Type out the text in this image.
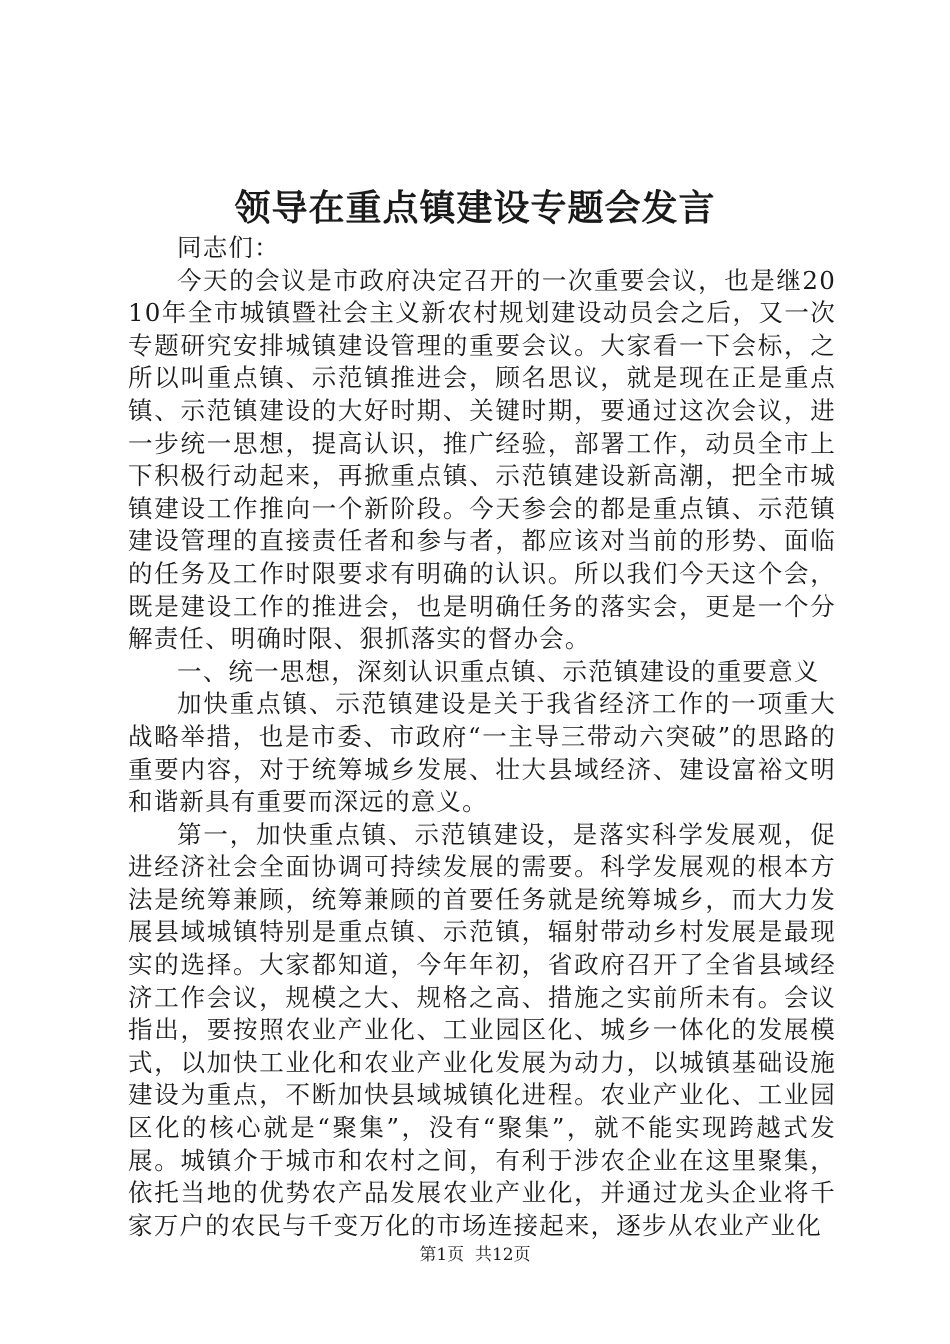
领导在重点镇建设专题会发言

同志们：

今天的会议是市政府决定召开的一次重要会议，也是继2010年全市城镇暨社会主义新农村规划建设动员会之后，又一次专题研究安排城镇建设管理的重要会议。大家看一下会标，之所以叫重点镇、示范镇推进会，顾名思议，就是现在正是重点镇、示范镇建设的大好时期、关键时期，要通过这次会议，进一步统一思想，提高认识，推广经验，部署工作，动员全市上下积极行动起来，再掀重点镇、示范镇建设新高潮，把全市城镇建设工作推向一个新阶段。今天参会的都是重点镇、示范镇建设管理的直接责任者和参与者，都应该对当前的形势、面临的任务及工作时限要求有明确的认识。所以我们今天这个会，既是建设工作的推进会，也是明确任务的落实会，更是一个分解责任、明确时限、狠抓落实的督办会。

一、统一思想，深刻认识重点镇、示范镇建设的重要意义

加快重点镇、示范镇建设是关于我省经济工作的一项重大战略举措，也是市委、市政府“一主导三带动六突破”的思路的重要内容，对于统筹城乡发展、壮大县域经济、建设富裕文明和谐新具有重要而深远的意义。

第一，加快重点镇、示范镇建设，是落实科学发展观，促进经济社会全面协调可持续发展的需要。科学发展观的根本方法是统筹兼顾，统筹兼顾的首要任务就是统筹城乡，而大力发展县域城镇特别是重点镇、示范镇，辐射带动乡村发展是最现实的选择。大家都知道，今年年初，省政府召开了全省县域经济工作会议，规模之大、规格之高、措施之实前所未有。会议指出，要按照农业产业化、工业园区化、城乡一体化的发展模式，以加快工业化和农业产业化发展为动力，以城镇基础设施建设为重点，不断加快县域城镇化进程。农业产业化、工业园区化的核心就是“聚集”，没有“聚集”，就不能实现跨越式发展。城镇介于城市和农村之间，有利于涉农企业在这里聚集，依托当地的优势农产品发展农业产业化，并通过龙头企业将千家万户的农民与千变万化的市场连接起来，逐步从农业产业化

第1页  共12页
